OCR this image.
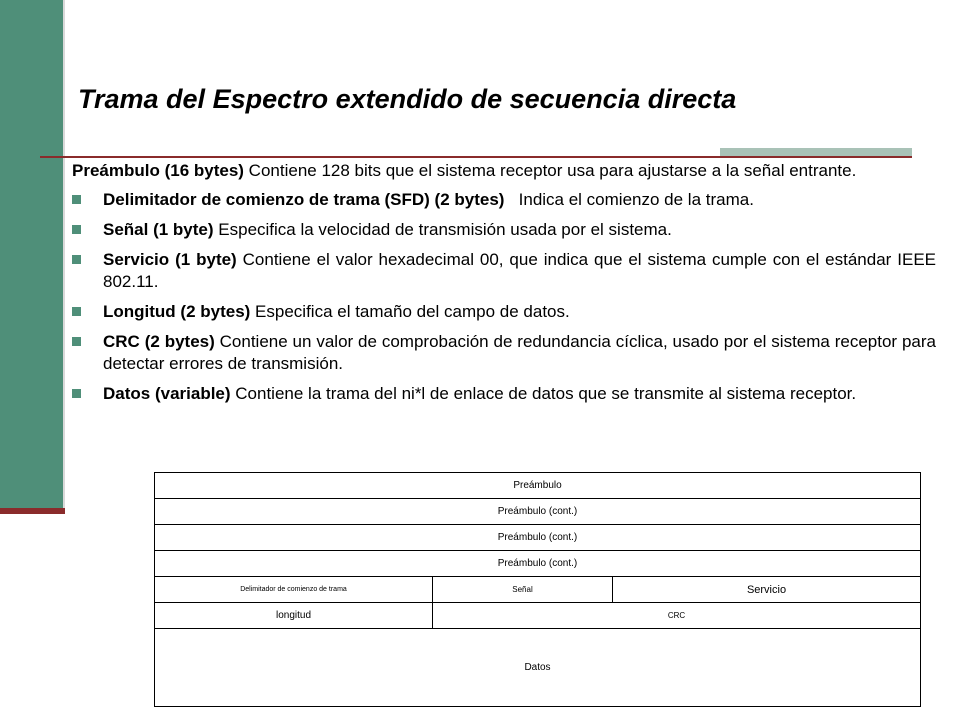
Trama del Espectro extendido de secuencia directa

Preámbulo (16 bytes) Contiene 128 bits que el sistema receptor usa para ajustarse a la señal entrante.

Delimitador de comienzo de trama (SFD) (2 bytes)   Indica el comienzo de la trama.
Señal (1 byte) Especifica la velocidad de transmisión usada por el sistema.
Servicio (1 byte) Contiene el valor hexadecimal 00, que indica que el sistema cumple con el estándar IEEE 802.11.
Longitud (2 bytes) Especifica el tamaño del campo de datos.
CRC (2 bytes) Contiene un valor de comprobación de redundancia cíclica, usado por el sistema receptor para detectar errores de transmisión.
Datos (variable) Contiene la trama del ni*l de enlace de datos que se transmite al sistema receptor.
Preámbulo		
Preámbulo (cont.)		
Preámbulo (cont.)		
Preámbulo (cont.)		
Delimitador de comienzo de trama	Señal	Servicio
longitud	CRC	
Datos		
